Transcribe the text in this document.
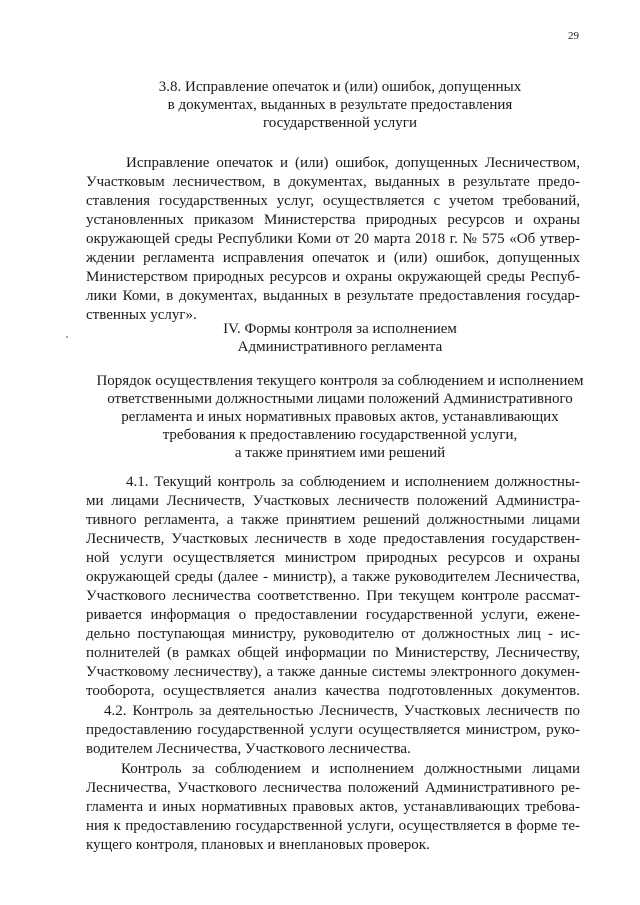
29
3.8. Исправление опечаток и (или) ошибок, допущенных
в документах, выданных в результате предоставления
государственной услуги
Исправление опечаток и (или) ошибок, допущенных Лесничеством,
Участковым лесничеством, в документах, выданных в результате предо-
ставления государственных услуг, осуществляется с учетом требований,
установленных приказом Министерства природных ресурсов и охраны
окружающей среды Республики Коми от 20 марта 2018 г. № 575 «Об утвер-
ждении регламента исправления опечаток и (или) ошибок, допущенных
Министерством природных ресурсов и охраны окружающей среды Респуб-
лики Коми, в документах, выданных в результате предоставления государ-
ственных услуг».
IV. Формы контроля за исполнением
Административного регламента
Порядок осуществления текущего контроля за соблюдением и исполнением
ответственными должностными лицами положений Административного
регламента и иных нормативных правовых актов, устанавливающих
требования к предоставлению государственной услуги,
а также принятием ими решений
4.1. Текущий контроль за соблюдением и исполнением должностны-
ми лицами Лесничеств, Участковых лесничеств положений Администра-
тивного регламента, а также принятием решений должностными лицами
Лесничеств, Участковых лесничеств в ходе предоставления государствен-
ной услуги осуществляется министром природных ресурсов и охраны
окружающей среды (далее - министр), а также руководителем Лесничества,
Участкового лесничества соответственно. При текущем контроле рассмат-
ривается информация о предоставлении государственной услуги, ежене-
дельно поступающая министру, руководителю от должностных лиц - ис-
полнителей (в рамках общей информации по Министерству, Лесничеству,
Участковому лесничеству), а также данные системы электронного докумен-
тооборота, осуществляется анализ качества подготовленных документов.
4.2. Контроль за деятельностью Лесничеств, Участковых лесничеств по
предоставлению государственной услуги осуществляется министром, руко-
водителем Лесничества, Участкового лесничества.
Контроль за соблюдением и исполнением должностными лицами
Лесничества, Участкового лесничества положений Административного ре-
гламента и иных нормативных правовых актов, устанавливающих требова-
ния к предоставлению государственной услуги, осуществляется в форме те-
кущего контроля, плановых и внеплановых проверок.
